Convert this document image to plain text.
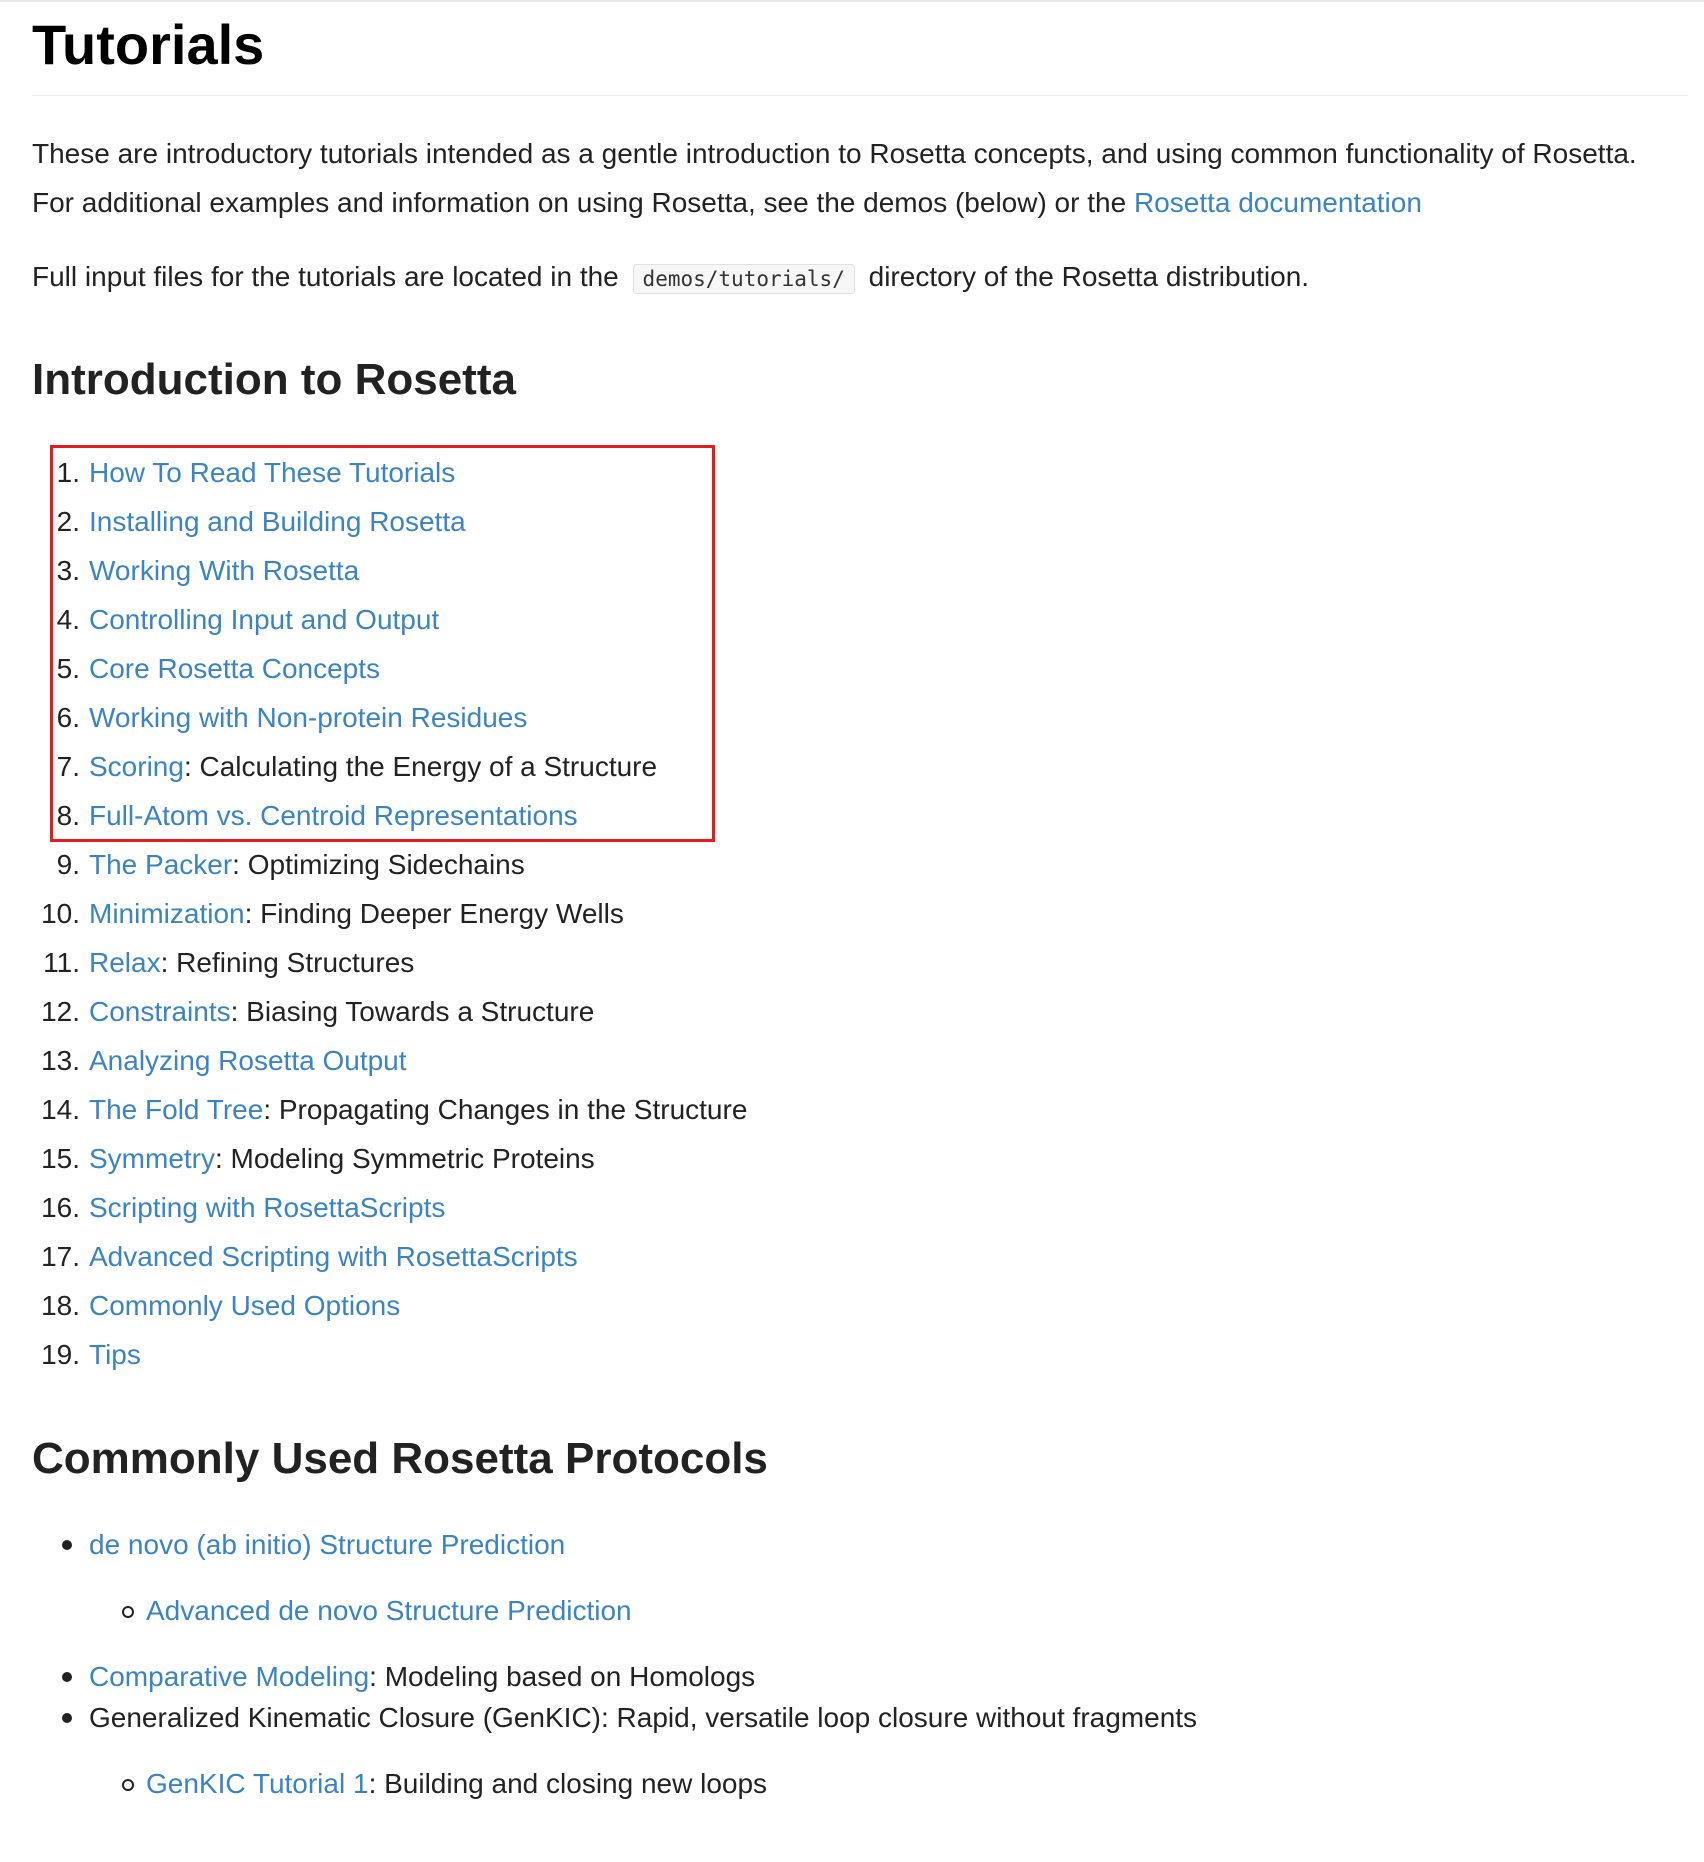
Tutorials

These are introductory tutorials intended as a gentle introduction to Rosetta concepts, and using common functionality of Rosetta.
For additional examples and information on using Rosetta, see the demos (below) or the Rosetta documentation

Full input files for the tutorials are located in the demos/tutorials/ directory of the Rosetta distribution.

Introduction to Rosetta
1. How To Read These Tutorials
2. Installing and Building Rosetta
3. Working With Rosetta
4. Controlling Input and Output
5. Core Rosetta Concepts
6. Working with Non-protein Residues
7. Scoring: Calculating the Energy of a Structure
8. Full-Atom vs. Centroid Representations
9. The Packer: Optimizing Sidechains
10. Minimization: Finding Deeper Energy Wells
11. Relax: Refining Structures
12. Constraints: Biasing Towards a Structure
13. Analyzing Rosetta Output
14. The Fold Tree: Propagating Changes in the Structure
15. Symmetry: Modeling Symmetric Proteins
16. Scripting with RosettaScripts
17. Advanced Scripting with RosettaScripts
18. Commonly Used Options
19. Tips
Commonly Used Rosetta Protocols
de novo (ab initio) Structure Prediction
Advanced de novo Structure Prediction
Comparative Modeling: Modeling based on Homologs
Generalized Kinematic Closure (GenKIC): Rapid, versatile loop closure without fragments
GenKIC Tutorial 1: Building and closing new loops
